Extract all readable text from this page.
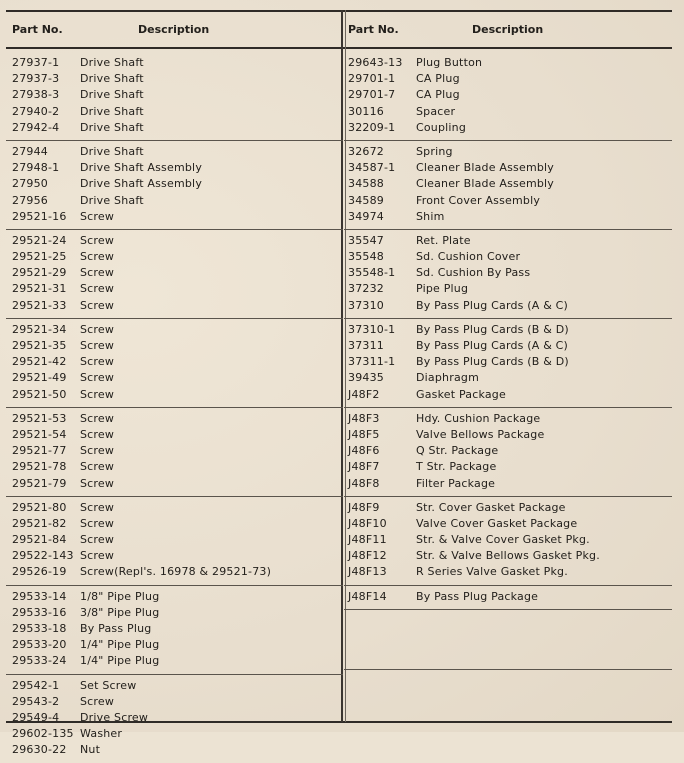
Part No.	Description
27937-1 Drive Shaft
27937-3 Drive Shaft
27938-3 Drive Shaft
27940-2 Drive Shaft
27942-4 Drive Shaft
27944	Drive Shaft
27948-1 Drive Shaft Assembly
27950	Drive Shaft Assembly
27956	Drive Shaft
29521-16 Screw
29521-24 Screw
29521-25 Screw
29521-29 Screw
29521-31 Screw
29521-33 Screw
29521-34 Screw
29521-35 Screw
29521-42 Screw
29521-49 Screw
29521-50 Screw
29521-53 Screw
29521-54 Screw
29521-77 Screw
29521-78 Screw
29521-79 Screw
29521-80 Screw
29521-82 Screw
29521-84 Screw
29522-143 Screw
29526-19 Screw(Repl's. 16978 & 29521-73)
29533-14 1/8" Pipe Plug
29533-16 3/8" Pipe Plug
29533-18 By Pass Plug
29533-20 1/4" Pipe Plug
29533-24 1/4" Pipe Plug
29542-1 Set Screw
29543-2 Screw
29549-4 Drive Screw
29602-135 Washer
29630-22 Nut
Part No.	Description
29643-13 Plug Button
29701-1 CA Plug
29701-7 CA Plug
30116	Spacer
32209-1 Coupling
32672	Spring
34587-1 Cleaner Blade Assembly
34588	Cleaner Blade Assembly
34589	Front Cover Assembly
34974	Shim
35547	Ret. Plate
35548	Sd. Cushion Cover
35548-1 Sd. Cushion By Pass
37232	Pipe Plug
37310	By Pass Plug Cards (A & C)
37310-1 By Pass Plug Cards (B & D)
37311	By Pass Plug Cards (A & C)
37311-1 By Pass Plug Cards (B & D)
39435	Diaphragm
J48F2	Gasket Package
J48F3	Hdy. Cushion Package
J48F5	Valve Bellows Package
J48F6	Q Str. Package
J48F7	T Str. Package
J48F8	Filter Package
J48F9	Str. Cover Gasket Package
J48F10	Valve Cover Gasket Package
J48F11	Str. & Valve Cover Gasket Pkg.
J48F12	Str. & Valve Bellows Gasket Pkg.
J48F13	R Series Valve Gasket Pkg.
J48F14	By Pass Plug Package
